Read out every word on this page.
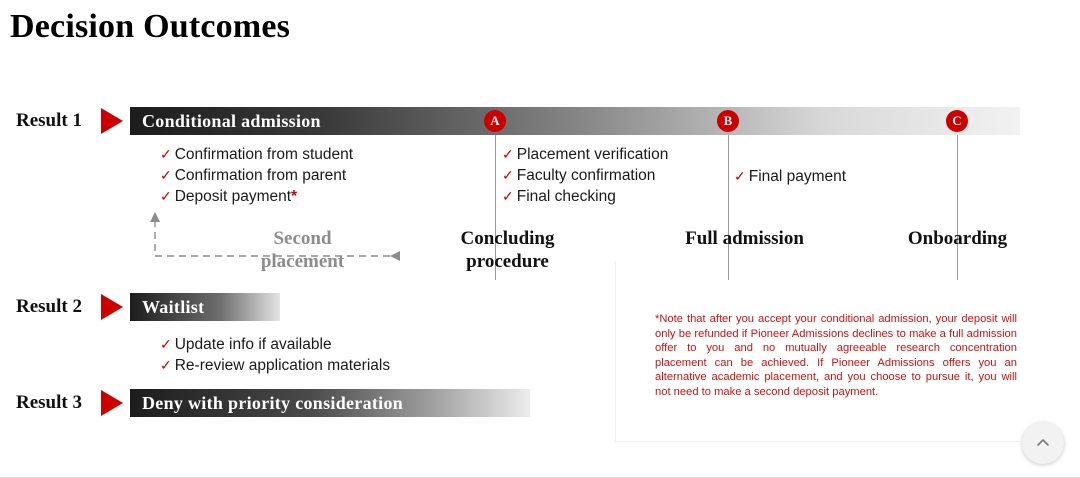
Decision Outcomes
Result 1	Conditional admission	A	B	C
✓ Confirmation from student
✓ Confirmation from parent
✓ Deposit payment*
✓ Placement verification
✓ Faculty confirmation
✓ Final checking
✓ Final payment
Second
placement
Concluding
procedure
Full admission	Onboarding
Result 2	Waitlist
✓ Update info if available
✓ Re-review application materials
Result 3	Deny with priority consideration
*Note that after you accept your conditional admission, your deposit will only be refunded if Pioneer Admissions declines to make a full admission offer to you and no mutually agreeable research concentration placement can be achieved. If Pioneer Admissions offers you an alternative academic placement, and you choose to pursue it, you will not need to make a second deposit payment.
